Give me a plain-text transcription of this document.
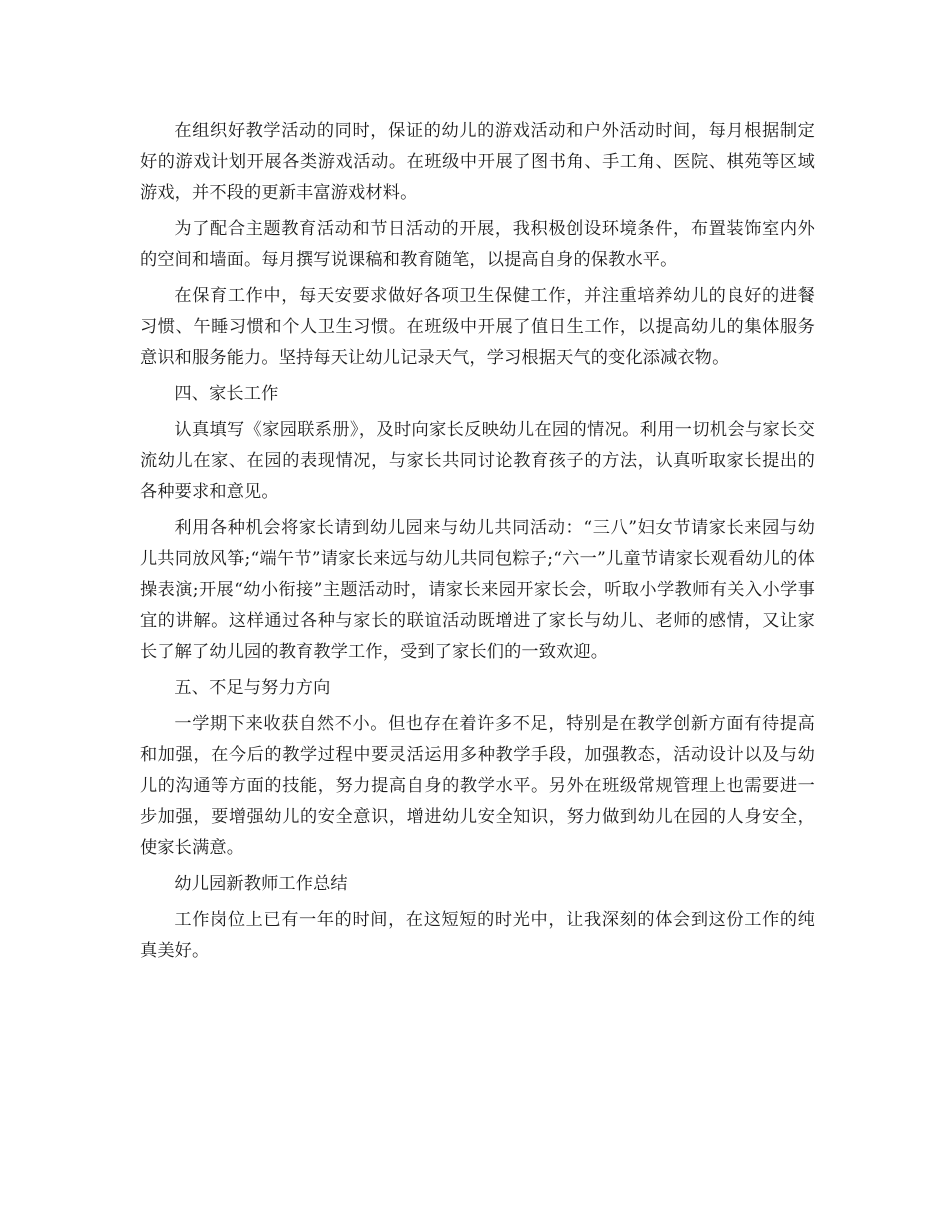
在组织好教学活动的同时，保证的幼儿的游戏活动和户外活动时间，每月根据制定好的游戏计划开展各类游戏活动。在班级中开展了图书角、手工角、医院、棋苑等区域游戏，并不段的更新丰富游戏材料。

为了配合主题教育活动和节日活动的开展，我积极创设环境条件，布置装饰室内外的空间和墙面。每月撰写说课稿和教育随笔，以提高自身的保教水平。

在保育工作中，每天安要求做好各项卫生保健工作，并注重培养幼儿的良好的进餐习惯、午睡习惯和个人卫生习惯。在班级中开展了值日生工作，以提高幼儿的集体服务意识和服务能力。坚持每天让幼儿记录天气，学习根据天气的变化添减衣物。

四、家长工作

认真填写《家园联系册》，及时向家长反映幼儿在园的情况。利用一切机会与家长交流幼儿在家、在园的表现情况，与家长共同讨论教育孩子的方法，认真听取家长提出的各种要求和意见。

利用各种机会将家长请到幼儿园来与幼儿共同活动：“三八”妇女节请家长来园与幼儿共同放风筝;“端午节”请家长来远与幼儿共同包粽子;“六一”儿童节请家长观看幼儿的体操表演;开展“幼小衔接”主题活动时，请家长来园开家长会，听取小学教师有关入小学事宜的讲解。这样通过各种与家长的联谊活动既增进了家长与幼儿、老师的感情，又让家长了解了幼儿园的教育教学工作，受到了家长们的一致欢迎。

五、不足与努力方向

一学期下来收获自然不小。但也存在着许多不足，特别是在教学创新方面有待提高和加强，在今后的教学过程中要灵活运用多种教学手段，加强教态，活动设计以及与幼儿的沟通等方面的技能，努力提高自身的教学水平。另外在班级常规管理上也需要进一步加强，要增强幼儿的安全意识，增进幼儿安全知识，努力做到幼儿在园的人身安全，使家长满意。

幼儿园新教师工作总结

工作岗位上已有一年的时间，在这短短的时光中，让我深刻的体会到这份工作的纯真美好。
